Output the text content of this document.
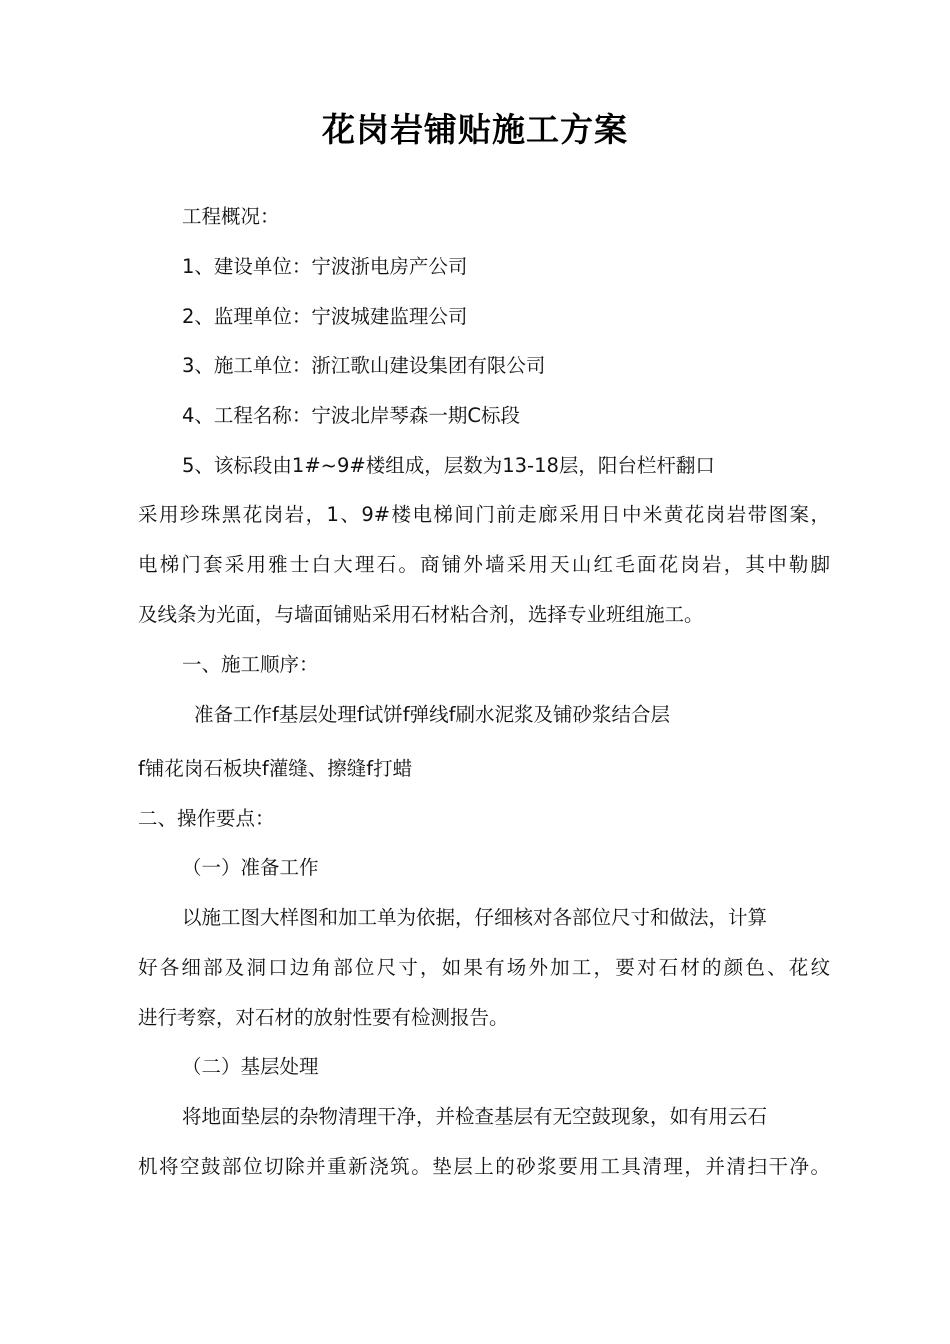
花岗岩铺贴施工方案
工程概况：
1、建设单位：宁波浙电房产公司
2、监理单位：宁波城建监理公司
3、施工单位：浙江歌山建设集团有限公司
4、工程名称：宁波北岸琴森一期C标段
5、该标段由1#~9#楼组成，层数为13-18层，阳台栏杆翻口
采用珍珠黑花岗岩，1、9#楼电梯间门前走廊采用日中米黄花岗岩带图案，
电梯门套采用雅士白大理石。商铺外墙采用天山红毛面花岗岩，其中勒脚
及线条为光面，与墙面铺贴采用石材粘合剂，选择专业班组施工。
一、施工顺序：
准备工作f基层处理f试饼f弹线f刷水泥浆及铺砂浆结合层
f铺花岗石板块f灌缝、擦缝f打蜡
二、操作要点：
（一）准备工作
以施工图大样图和加工单为依据，仔细核对各部位尺寸和做法，计算
好各细部及洞口边角部位尺寸，如果有场外加工，要对石材的颜色、花纹
进行考察，对石材的放射性要有检测报告。
（二）基层处理
将地面垫层的杂物清理干净，并检查基层有无空鼓现象，如有用云石
机将空鼓部位切除并重新浇筑。垫层上的砂浆要用工具清理，并清扫干净。
